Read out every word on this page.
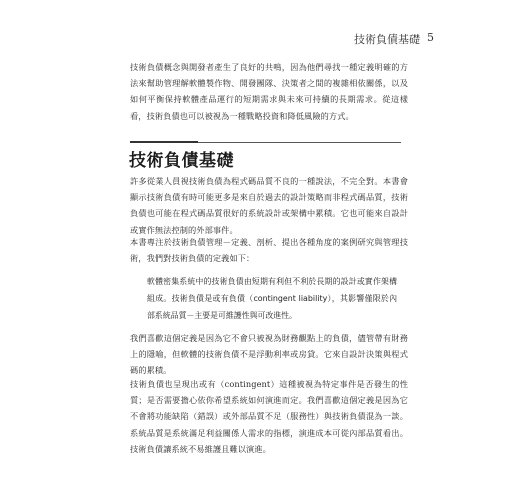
技術負債基礎 5

技術負債概念與開發者產生了良好的共鳴，因為他們尋找一種定義明確的方法來幫助管理解軟體製作物、開發團隊、決策者之間的複雜相依關係，以及如何平衡保持軟體產品運行的短期需求與未來可持續的長期需求。從這樣看，技術負債也可以被視為一種戰略投資和降低風險的方式。

技術負債基礎

許多從業人員視技術負債為程式碼品質不良的一種說法，不完全對。本書會顯示技術負債有時可能更多是來自於過去的設計策略而非程式碼品質，技術負債也可能在程式碼品質很好的系統設計或架構中累積。它也可能來自設計或實作無法控制的外部事件。

本書專注於技術負債管理－定義、剖析、提出各種角度的案例研究與管理技術，我們對技術負債的定義如下：

軟體密集系統中的技術負債由短期有利但不利於長期的設計或實作架構組成。技術負債是或有負債（contingent liability），其影響僅限於內部系統品質－主要是可維護性與可改進性。

我們喜歡這個定義是因為它不會只被視為財務觀點上的負債，儘管帶有財務上的隱喻，但軟體的技術負債不是浮動利率或房貸。它來自設計決策與程式碼的累積。

技術負債也呈現出或有（contingent）這種被視為特定事件是否發生的性質；是否需要擔心依你希望系統如何演進而定。我們喜歡這個定義是因為它不會將功能缺陷（錯誤）或外部品質不足（服務性）與技術負債混為一談。系統品質是系統滿足利益關係人需求的指標，演進成本可從內部品質看出。技術負債讓系統不易維護且難以演進。
